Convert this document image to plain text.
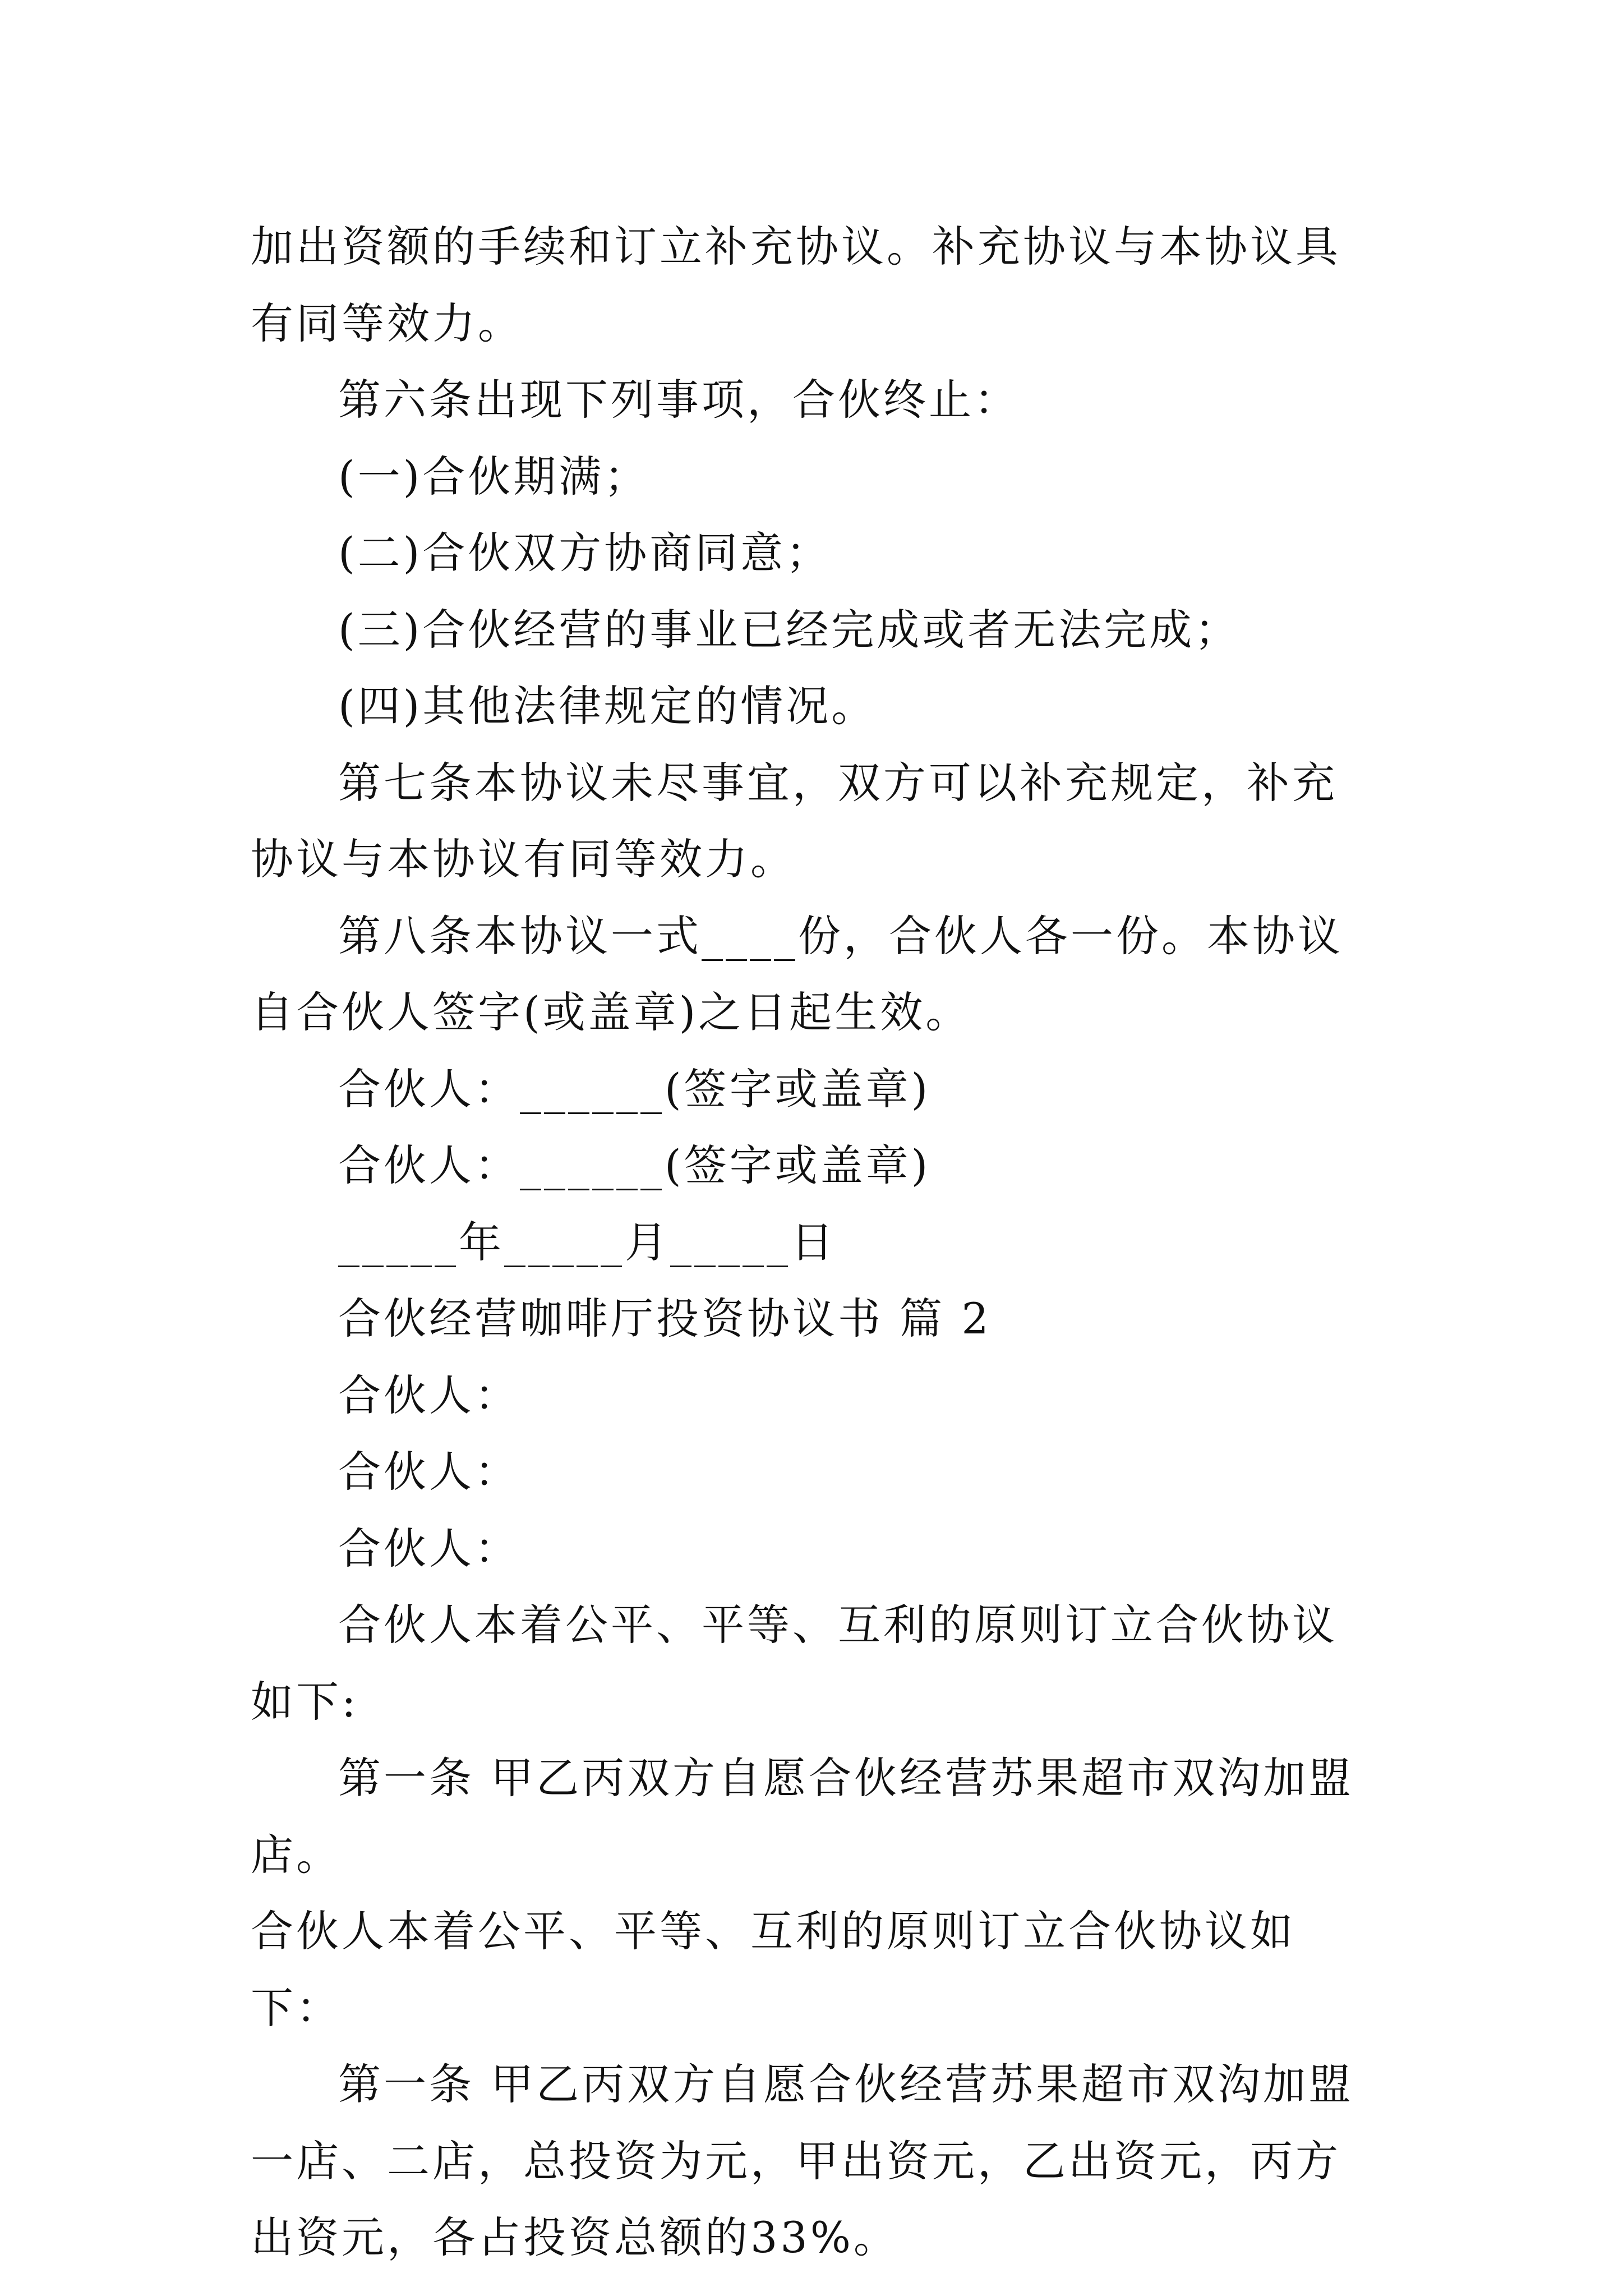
加出资额的手续和订立补充协议。补充协议与本协议具有同等效力。

第六条出现下列事项，合伙终止：

(一)合伙期满；

(二)合伙双方协商同意；

(三)合伙经营的事业已经完成或者无法完成；

(四)其他法律规定的情况。

第七条本协议未尽事宜，双方可以补充规定，补充协议与本协议有同等效力。

第八条本协议一式____份，合伙人各一份。本协议自合伙人签字(或盖章)之日起生效。

合伙人：______(签字或盖章)

合伙人：______(签字或盖章)

_____年_____月_____日

合伙经营咖啡厅投资协议书 篇 2

合伙人：

合伙人：

合伙人：

合伙人本着公平、平等、互利的原则订立合伙协议如下:

第一条 甲乙丙双方自愿合伙经营苏果超市双沟加盟店。

合伙人本着公平、平等、互利的原则订立合伙协议如下：

第一条 甲乙丙双方自愿合伙经营苏果超市双沟加盟一店、二店，总投资为元，甲出资元，乙出资元，丙方出资元，各占投资总额的33%。
